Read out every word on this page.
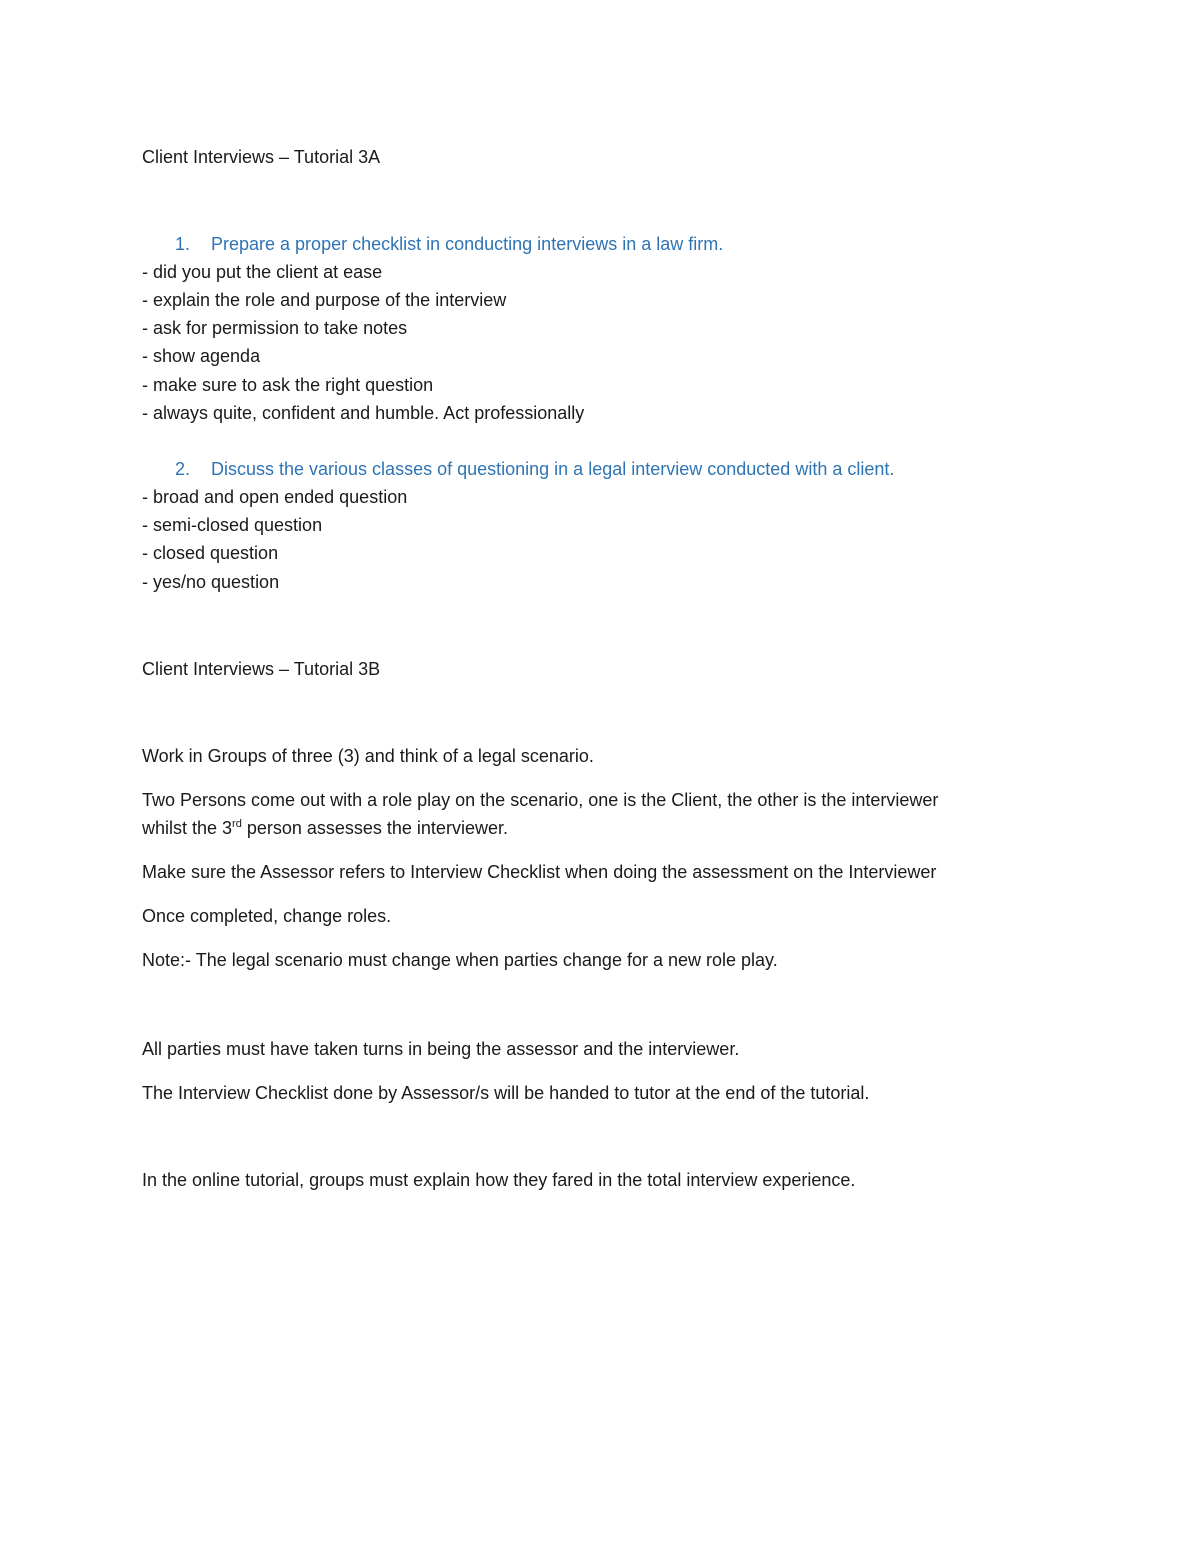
Client Interviews – Tutorial 3A
1. Prepare a proper checklist in conducting interviews in a law firm.
- did you put the client at ease
- explain the role and purpose of the interview
- ask for permission to take notes
- show agenda
- make sure to ask the right question
- always quite, confident and humble. Act professionally
2. Discuss the various classes of questioning in a legal interview conducted with a client.
- broad and open ended question
- semi-closed question
- closed question
- yes/no question
Client Interviews – Tutorial 3B
Work in Groups of three (3) and think of a legal scenario.
Two Persons come out with a role play on the scenario, one is the Client, the other is the interviewer
whilst the 3rd person assesses the interviewer.
Make sure the Assessor refers to Interview Checklist when doing the assessment on the Interviewer
Once completed, change roles.
Note:- The legal scenario must change when parties change for a new role play.
All parties must have taken turns in being the assessor and the interviewer.
The Interview Checklist done by Assessor/s will be handed to tutor at the end of the tutorial.
In the online tutorial, groups must explain how they fared in the total interview experience.
